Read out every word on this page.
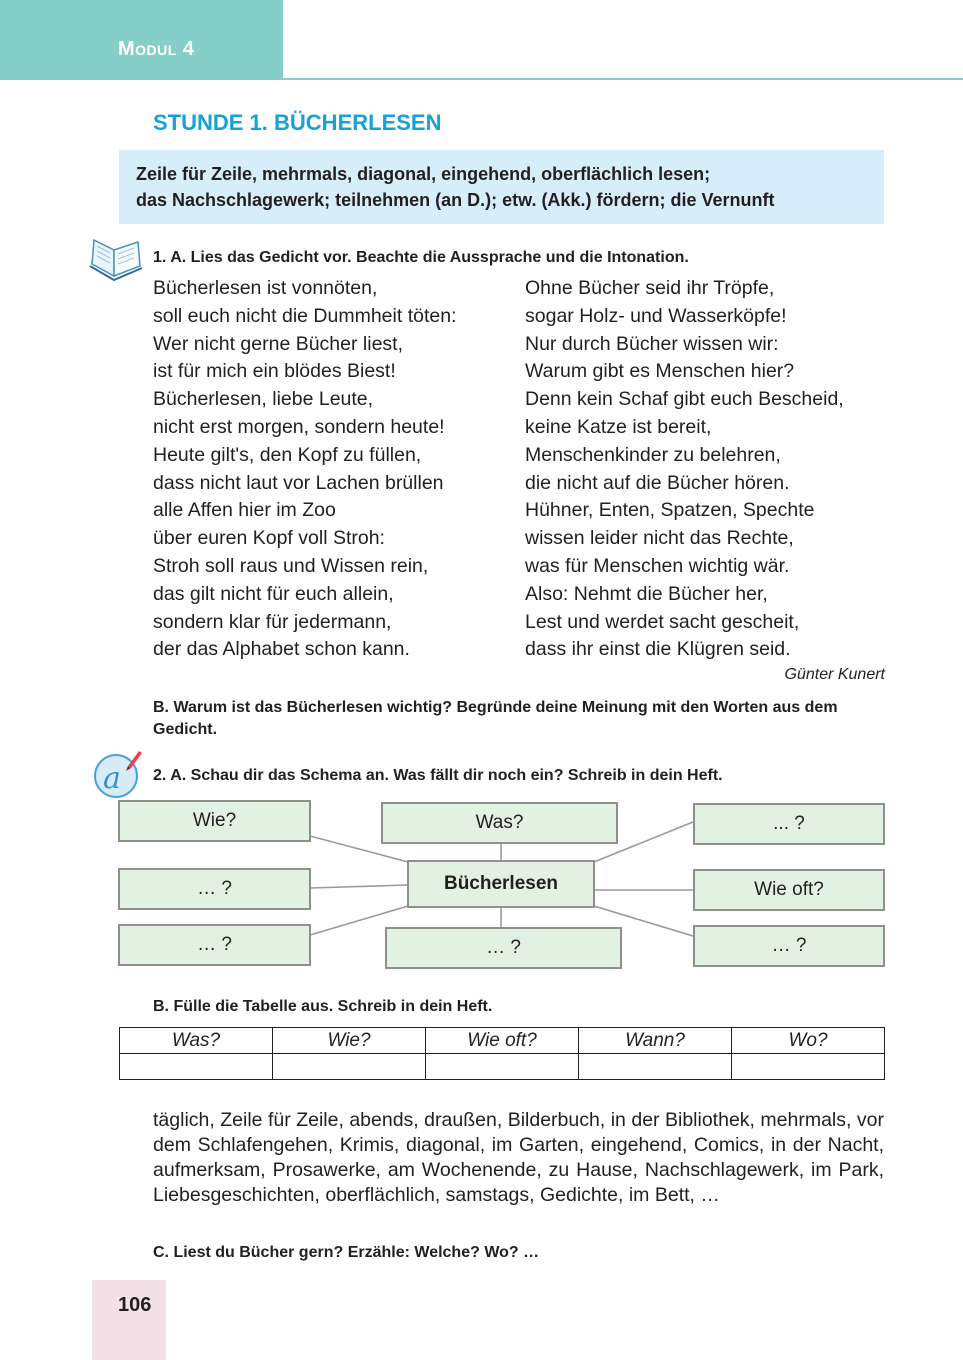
Modul 4
STUNDE 1. BÜCHERLESEN
Zeile für Zeile, mehrmals, diagonal, eingehend, oberflächlich lesen;
das Nachschlagewerk; teilnehmen (an D.); etw. (Akk.) fördern; die Vernunft
1. A. Lies das Gedicht vor. Beachte die Aussprache und die Intonation.
Bücherlesen ist vonnöten,
soll euch nicht die Dummheit töten:
Wer nicht gerne Bücher liest,
ist für mich ein blödes Biest!
Bücherlesen, liebe Leute,
nicht erst morgen, sondern heute!
Heute gilt's, den Kopf zu füllen,
dass nicht laut vor Lachen brüllen
alle Affen hier im Zoo
über euren Kopf voll Stroh:
Stroh soll raus und Wissen rein,
das gilt nicht für euch allein,
sondern klar für jedermann,
der das Alphabet schon kann.
Ohne Bücher seid ihr Tröpfe,
sogar Holz- und Wasserköpfe!
Nur durch Bücher wissen wir:
Warum gibt es Menschen hier?
Denn kein Schaf gibt euch Bescheid,
keine Katze ist bereit,
Menschenkinder zu belehren,
die nicht auf die Bücher hören.
Hühner, Enten, Spatzen, Spechte
wissen leider nicht das Rechte,
was für Menschen wichtig wär.
Also: Nehmt die Bücher her,
Lest und werdet sacht gescheit,
dass ihr einst die Klügren seid.
Günter Kunert
B. Warum ist das Bücherlesen wichtig? Begründe deine Meinung mit den Worten aus dem Gedicht.
a 2. A. Schau dir das Schema an. Was fällt dir noch ein? Schreib in dein Heft.
Wie?	Was?	... ?
… ?	Bücherlesen	Wie oft?
… ?	… ?	… ?
B. Fülle die Tabelle aus. Schreib in dein Heft.
Was?	Wie?	Wie oft?	Wann?	Wo?

täglich, Zeile für Zeile, abends, draußen, Bilderbuch, in der Bibliothek, mehrmals, vor dem Schlafengehen, Krimis, diagonal, im Garten, eingehend, Comics, in der Nacht, aufmerksam, Prosawerke, am Wochenende, zu Hause, Nachschlagewerk, im Park, Liebesgeschichten, oberflächlich, samstags, Gedichte, im Bett, …
C. Liest du Bücher gern? Erzähle: Welche? Wo? …
106
